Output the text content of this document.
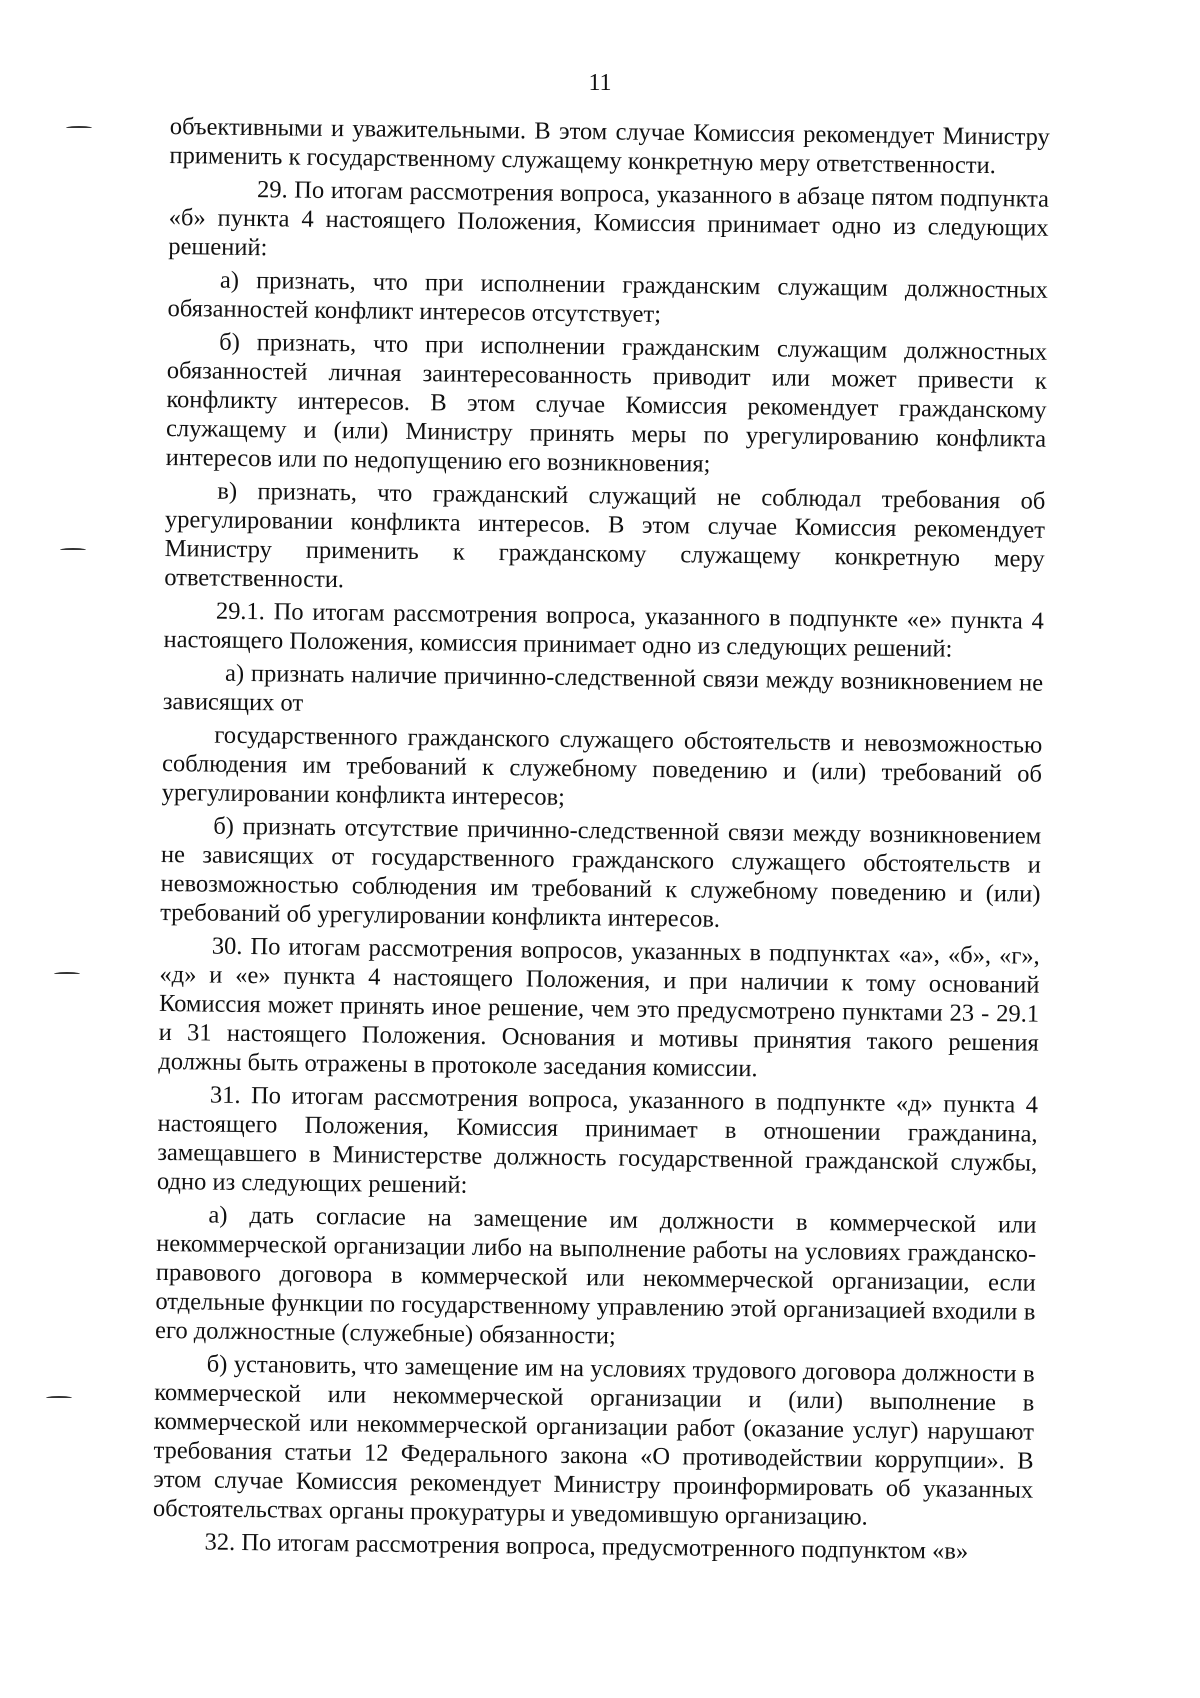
11

объективными и уважительными. В этом случае Комиссия рекомендует Министру применить к государственному служащему конкретную меру ответственности.

29. По итогам рассмотрения вопроса, указанного в абзаце пятом подпункта «б» пункта 4 настоящего Положения, Комиссия принимает одно из следующих решений:

а) признать, что при исполнении гражданским служащим должностных обязанностей конфликт интересов отсутствует;

б) признать, что при исполнении гражданским служащим должностных обязанностей личная заинтересованность приводит или может привести к конфликту интересов. В этом случае Комиссия рекомендует гражданскому служащему и (или) Министру принять меры по урегулированию конфликта интересов или по недопущению его возникновения;

в) признать, что гражданский служащий не соблюдал требования об урегулировании конфликта интересов. В этом случае Комиссия рекомендует Министру применить к гражданскому служащему конкретную меру ответственности.

29.1. По итогам рассмотрения вопроса, указанного в подпункте «е» пункта 4 настоящего Положения, комиссия принимает одно из следующих решений:

а) признать наличие причинно-следственной связи между возникновением не зависящих от

государственного гражданского служащего обстоятельств и невозможностью соблюдения им требований к служебному поведению и (или) требований об урегулировании конфликта интересов;

б) признать отсутствие причинно-следственной связи между возникновением не зависящих от государственного гражданского служащего обстоятельств и невозможностью соблюдения им требований к служебному поведению и (или) требований об урегулировании конфликта интересов.

30. По итогам рассмотрения вопросов, указанных в подпунктах «а», «б», «г», «д» и «е» пункта 4 настоящего Положения, и при наличии к тому оснований Комиссия может принять иное решение, чем это предусмотрено пунктами 23 - 29.1 и 31 настоящего Положения. Основания и мотивы принятия такого решения должны быть отражены в протоколе заседания комиссии.

31. По итогам рассмотрения вопроса, указанного в подпункте «д» пункта 4 настоящего Положения, Комиссия принимает в отношении гражданина, замещавшего в Министерстве должность государственной гражданской службы, одно из следующих решений:

а) дать согласие на замещение им должности в коммерческой или некоммерческой организации либо на выполнение работы на условиях гражданско-правового договора в коммерческой или некоммерческой организации, если отдельные функции по государственному управлению этой организацией входили в его должностные (служебные) обязанности;

б) установить, что замещение им на условиях трудового договора должности в коммерческой или некоммерческой организации и (или) выполнение в коммерческой или некоммерческой организации работ (оказание услуг) нарушают требования статьи 12 Федерального закона «О противодействии коррупции». В этом случае Комиссия рекомендует Министру проинформировать об указанных обстоятельствах органы прокуратуры и уведомившую организацию.

32. По итогам рассмотрения вопроса, предусмотренного подпунктом «в»
